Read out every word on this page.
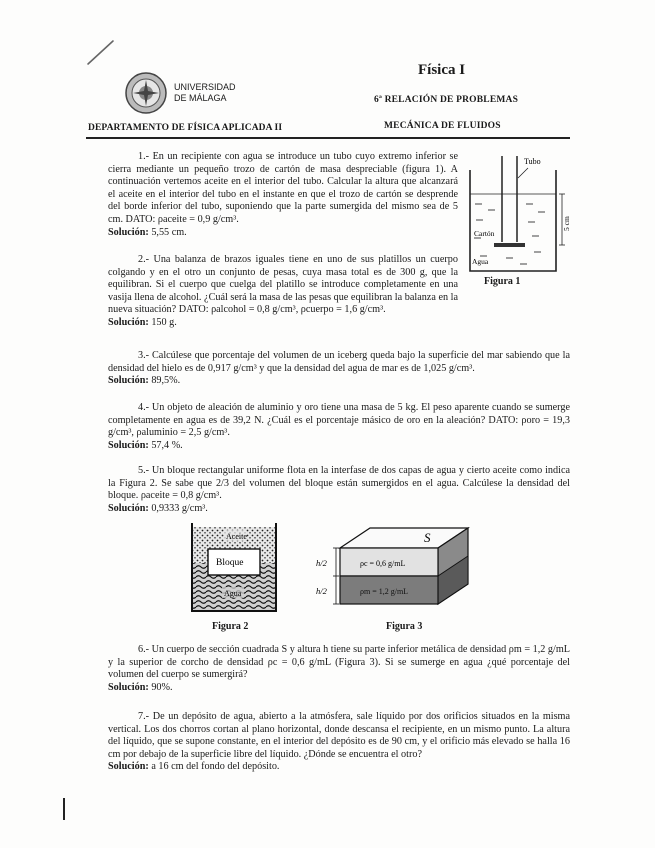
Física I
UNIVERSIDAD
DE MÁLAGA	6ª RELACIÓN DE PROBLEMAS
DEPARTAMENTO DE FÍSICA APLICADA II	MECÁNICA DE FLUIDOS
1.- En un recipiente con agua se introduce un tubo cuyo extremo inferior se cierra mediante un pequeño trozo de cartón de masa despreciable (figura 1). A continuación vertemos aceite en el interior del tubo. Calcular la altura que alcanzará el aceite en el interior del tubo en el instante en que el trozo de cartón se desprende del borde inferior del tubo, suponiendo que la parte sumergida del mismo sea de 5 cm. DATO: ρaceite = 0,9 g/cm³.
Solución: 5,55 cm.
Tubo
Cartón
Agua
5 cm
Figura 1
2.- Una balanza de brazos iguales tiene en uno de sus platillos un cuerpo colgando y en el otro un conjunto de pesas, cuya masa total es de 300 g, que la equilibran. Si el cuerpo que cuelga del platillo se introduce completamente en una vasija llena de alcohol. ¿Cuál será la masa de las pesas que equilibran la balanza en la nueva situación? DATO: ρalcohol = 0,8 g/cm³, ρcuerpo = 1,6 g/cm³.
Solución: 150 g.
3.- Calcúlese que porcentaje del volumen de un iceberg queda bajo la superficie del mar sabiendo que la densidad del hielo es de 0,917 g/cm³ y que la densidad del agua de mar es de 1,025 g/cm³.
Solución: 89,5%.
4.- Un objeto de aleación de aluminio y oro tiene una masa de 5 kg. El peso aparente cuando se sumerge completamente en agua es de 39,2 N. ¿Cuál es el porcentaje másico de oro en la aleación? DATO: ρoro = 19,3 g/cm³, ρaluminio = 2,5 g/cm³.
Solución: 57,4 %.
5.- Un bloque rectangular uniforme flota en la interfase de dos capas de agua y cierto aceite como indica la Figura 2. Se sabe que 2/3 del volumen del bloque están sumergidos en el agua. Calcúlese la densidad del bloque. ρaceite = 0,8 g/cm³.
Solución: 0,9333 g/cm³.
Aceite
Bloque
Agua
Figura 2
S
h/2
h/2
ρc = 0,6 g/mL
ρm = 1,2 g/mL
Figura 3
6.- Un cuerpo de sección cuadrada S y altura h tiene su parte inferior metálica de densidad ρm = 1,2 g/mL y la superior de corcho de densidad ρc = 0,6 g/mL (Figura 3). Si se sumerge en agua ¿qué porcentaje del volumen del cuerpo se sumergirá?
Solución: 90%.
7.- De un depósito de agua, abierto a la atmósfera, sale líquido por dos orificios situados en la misma vertical. Los dos chorros cortan al plano horizontal, donde descansa el recipiente, en un mismo punto. La altura del líquido, que se supone constante, en el interior del depósito es de 90 cm, y el orificio más elevado se halla 16 cm por debajo de la superficie libre del líquido. ¿Dónde se encuentra el otro?
Solución: a 16 cm del fondo del depósito.
